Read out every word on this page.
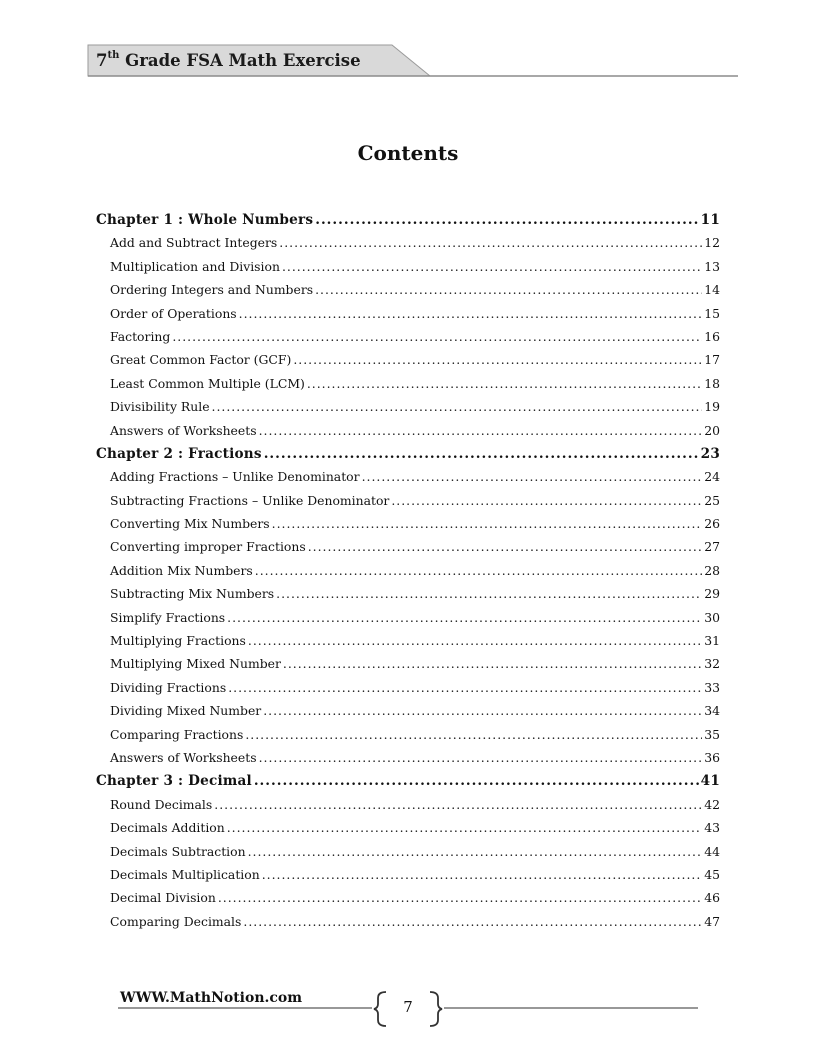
7th Grade FSA Math Exercise
Contents
Chapter 1 : Whole Numbers .....	11
Add and Subtract Integers .....	12
Multiplication and Division .....	13
Ordering Integers and Numbers .....	14
Order of Operations .....	15
Factoring .....	16
Great Common Factor (GCF) .....	17
Least Common Multiple (LCM) .....	18
Divisibility Rule .....	19
Answers of Worksheets .....	20
Chapter 2 : Fractions .....	23
Adding Fractions – Unlike Denominator .....	24
Subtracting Fractions – Unlike Denominator .....	25
Converting Mix Numbers .....	26
Converting improper Fractions .....	27
Addition Mix Numbers .....	28
Subtracting Mix Numbers .....	29
Simplify Fractions .....	30
Multiplying Fractions .....	31
Multiplying Mixed Number .....	32
Dividing Fractions .....	33
Dividing Mixed Number .....	34
Comparing Fractions .....	35
Answers of Worksheets .....	36
Chapter 3 : Decimal .....	41
Round Decimals .....	42
Decimals Addition .....	43
Decimals Subtraction .....	44
Decimals Multiplication .....	45
Decimal Division .....	46
Comparing Decimals .....	47
WWW.MathNotion.com	7
